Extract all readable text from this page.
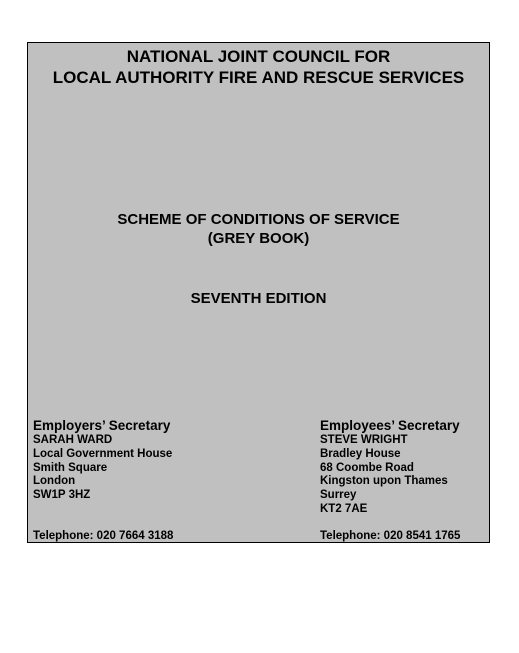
NATIONAL JOINT COUNCIL FOR
LOCAL AUTHORITY FIRE AND RESCUE SERVICES
SCHEME OF CONDITIONS OF SERVICE
(GREY BOOK)
SEVENTH EDITION
Employers’ Secretary
SARAH WARD
Local Government House
Smith Square
London
SW1P 3HZ
Employees’ Secretary
STEVE WRIGHT
Bradley House
68 Coombe Road
Kingston upon Thames
Surrey
KT2 7AE
Telephone: 020 7664 3188	Telephone: 020 8541 1765
